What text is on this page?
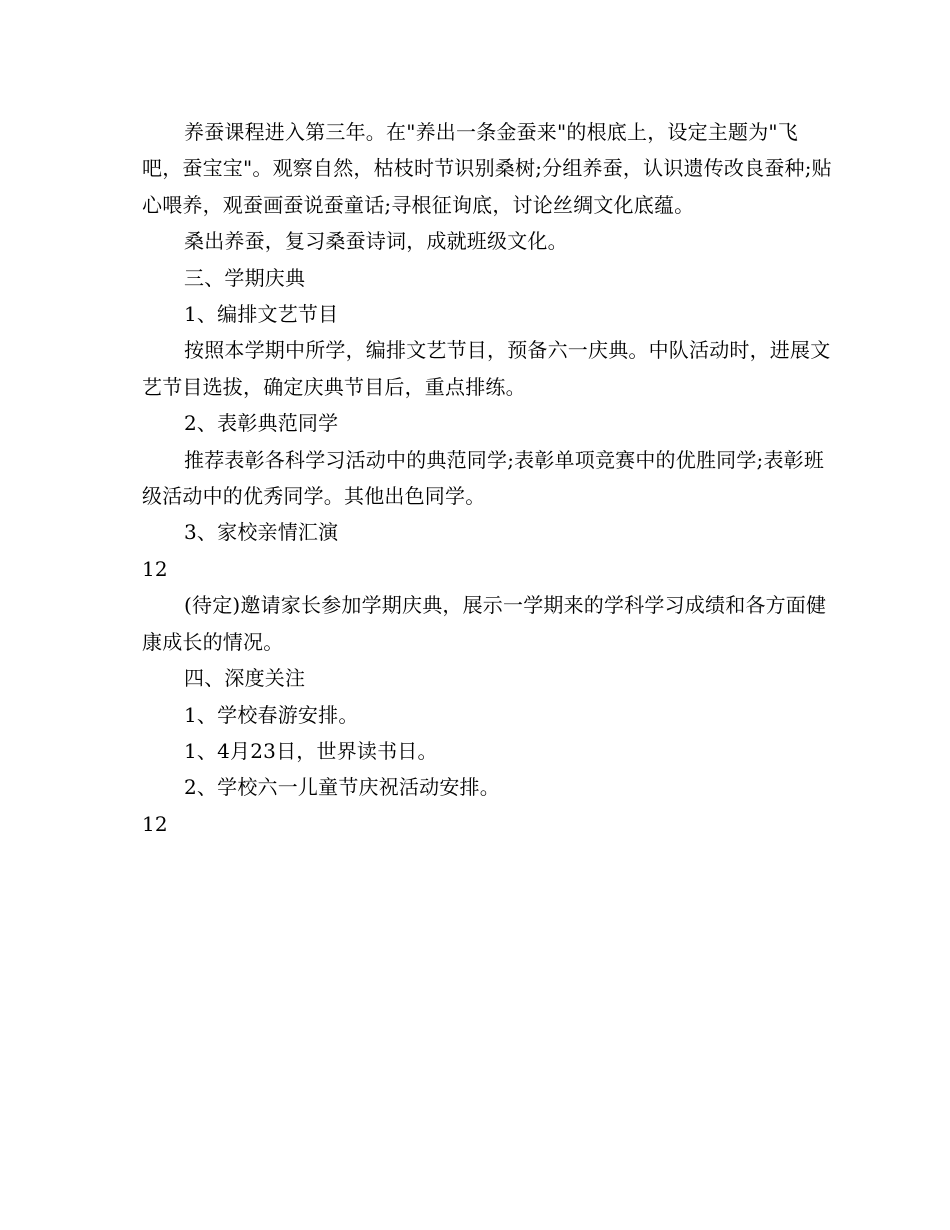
养蚕课程进入第三年。在"养出一条金蚕来"的根底上，设定主题为"飞吧，蚕宝宝"。观察自然，枯枝时节识别桑树;分组养蚕，认识遗传改良蚕种;贴心喂养，观蚕画蚕说蚕童话;寻根征询底，讨论丝绸文化底蕴。

桑出养蚕，复习桑蚕诗词，成就班级文化。

三、学期庆典

1、编排文艺节目

按照本学期中所学，编排文艺节目，预备六一庆典。中队活动时，进展文艺节目选拔，确定庆典节目后，重点排练。

2、表彰典范同学

推荐表彰各科学习活动中的典范同学;表彰单项竞赛中的优胜同学;表彰班级活动中的优秀同学。其他出色同学。

3、家校亲情汇演

12

(待定)邀请家长参加学期庆典，展示一学期来的学科学习成绩和各方面健康成长的情况。

四、深度关注

1、学校春游安排。

1、4月23日，世界读书日。

2、学校六一儿童节庆祝活动安排。

12
